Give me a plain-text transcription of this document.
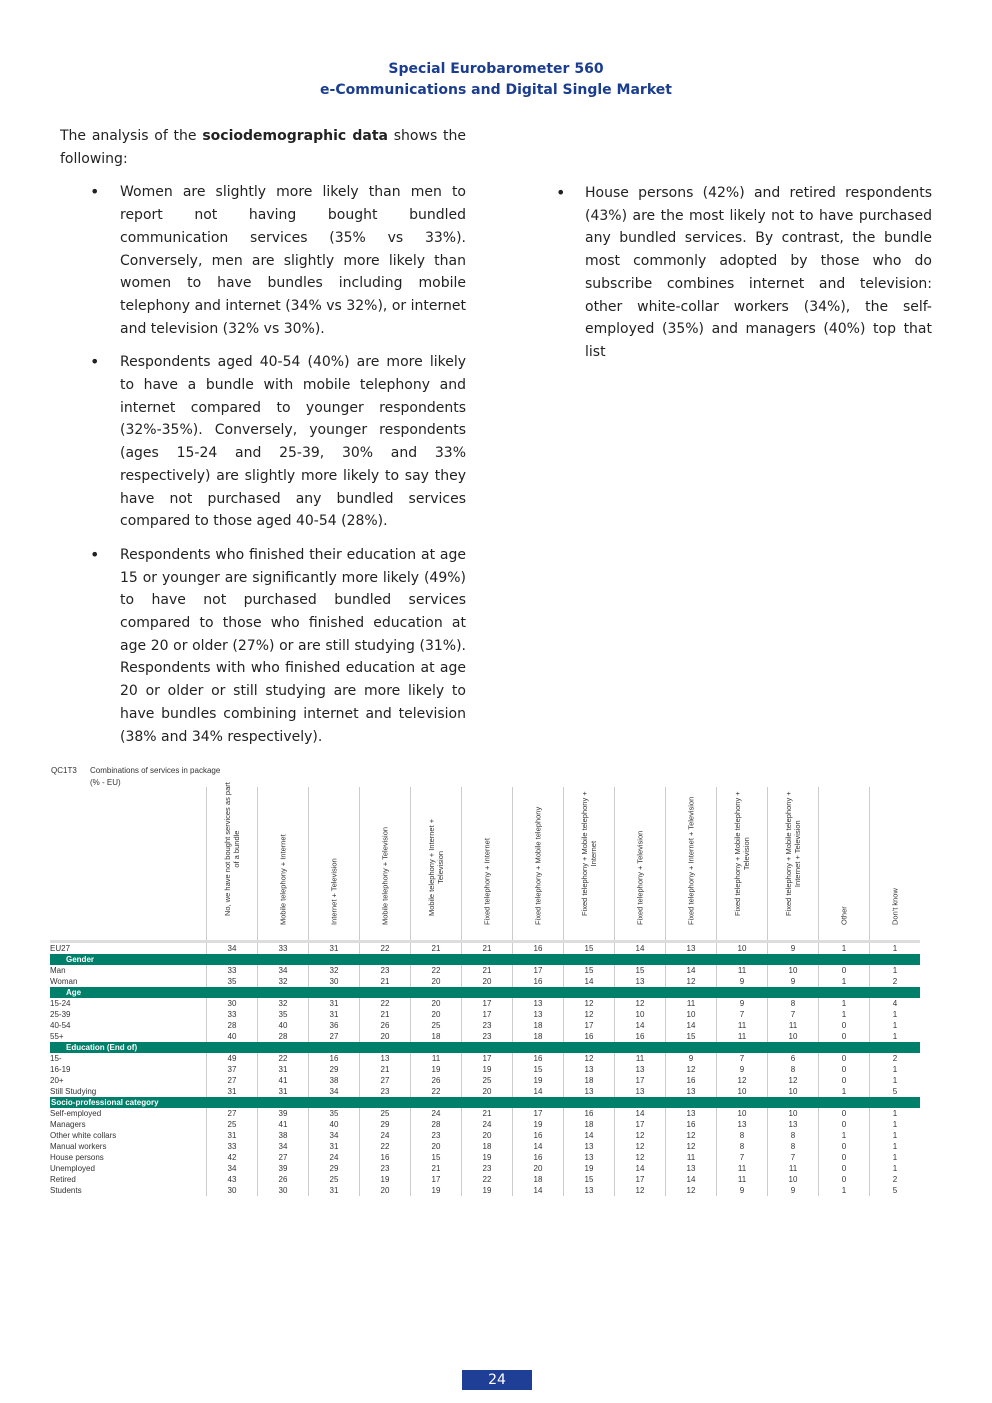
Special Eurobarometer 560
e-Communications and Digital Single Market

The analysis of the sociodemographic data shows the following:

• Women are slightly more likely than men to report not having bought bundled communication services (35% vs 33%). Conversely, men are slightly more likely than women to have bundles including mobile telephony and internet (34% vs 32%), or internet and television (32% vs 30%).
• Respondents aged 40-54 (40%) are more likely to have a bundle with mobile telephony and internet compared to younger respondents (32%-35%). Conversely, younger respondents (ages 15-24 and 25-39, 30% and 33% respectively) are slightly more likely to say they have not purchased any bundled services compared to those aged 40-54 (28%).
• Respondents who finished their education at age 15 or younger are significantly more likely (49%) to have not purchased bundled services compared to those who finished education at age 20 or older (27%) or are still studying (31%). Respondents with who finished education at age 20 or older or still studying are more likely to have bundles combining internet and television (38% and 34% respectively).
• House persons (42%) and retired respondents (43%) are the most likely not to have purchased any bundled services. By contrast, the bundle most commonly adopted by those who do subscribe combines internet and television: other white-collar workers (34%), the self-employed (35%) and managers (40%) top that list
QC1T3	Combinations of services in package
(% - EU)

	No, we have not bought services as part
of a bundle	Mobile telephony + Internet	Internet + Television	Mobile telephony + Television	Mobile telephony + Internet +
Television	Fixed telephony + Internet	Fixed telephony + Mobile telephony	Fixed telephony + Mobile telephony +
Internet	Fixed telephony + Television	Fixed telephony + Internet + Television	Fixed telephony + Mobile telephony +
Television	Fixed telephony + Mobile telephony +
Internet + Television	Other	Don't know

EU27	34	33	31	22	21	21	16	15	14	13	10	9	1	1
Gender														
Man	33	34	32	23	22	21	17	15	15	14	11	10	0	1
Woman	35	32	30	21	20	20	16	14	13	12	9	9	1	2
Age														
15-24	30	32	31	22	20	17	13	12	12	11	9	8	1	4
25-39	33	35	31	21	20	17	13	12	10	10	7	7	1	1
40-54	28	40	36	26	25	23	18	17	14	14	11	11	0	1
55+	40	28	27	20	18	23	18	16	16	15	11	10	0	1
Education (End of)														
15-	49	22	16	13	11	17	16	12	11	9	7	6	0	2
16-19	37	31	29	21	19	19	15	13	13	12	9	8	0	1
20+	27	41	38	27	26	25	19	18	17	16	12	12	0	1
Still Studying	31	31	34	23	22	20	14	13	13	13	10	10	1	5
Socio-professional category														
Self-employed	27	39	35	25	24	21	17	16	14	13	10	10	0	1
Managers	25	41	40	29	28	24	19	18	17	16	13	13	0	1
Other white collars	31	38	34	24	23	20	16	14	12	12	8	8	1	1
Manual workers	33	34	31	22	20	18	14	13	12	12	8	8	0	1
House persons	42	27	24	16	15	19	16	13	12	11	7	7	0	1
Unemployed	34	39	29	23	21	23	20	19	14	13	11	11	0	1
Retired	43	26	25	19	17	22	18	15	17	14	11	10	0	2
Students	30	30	31	20	19	19	14	13	12	12	9	9	1	5
24
